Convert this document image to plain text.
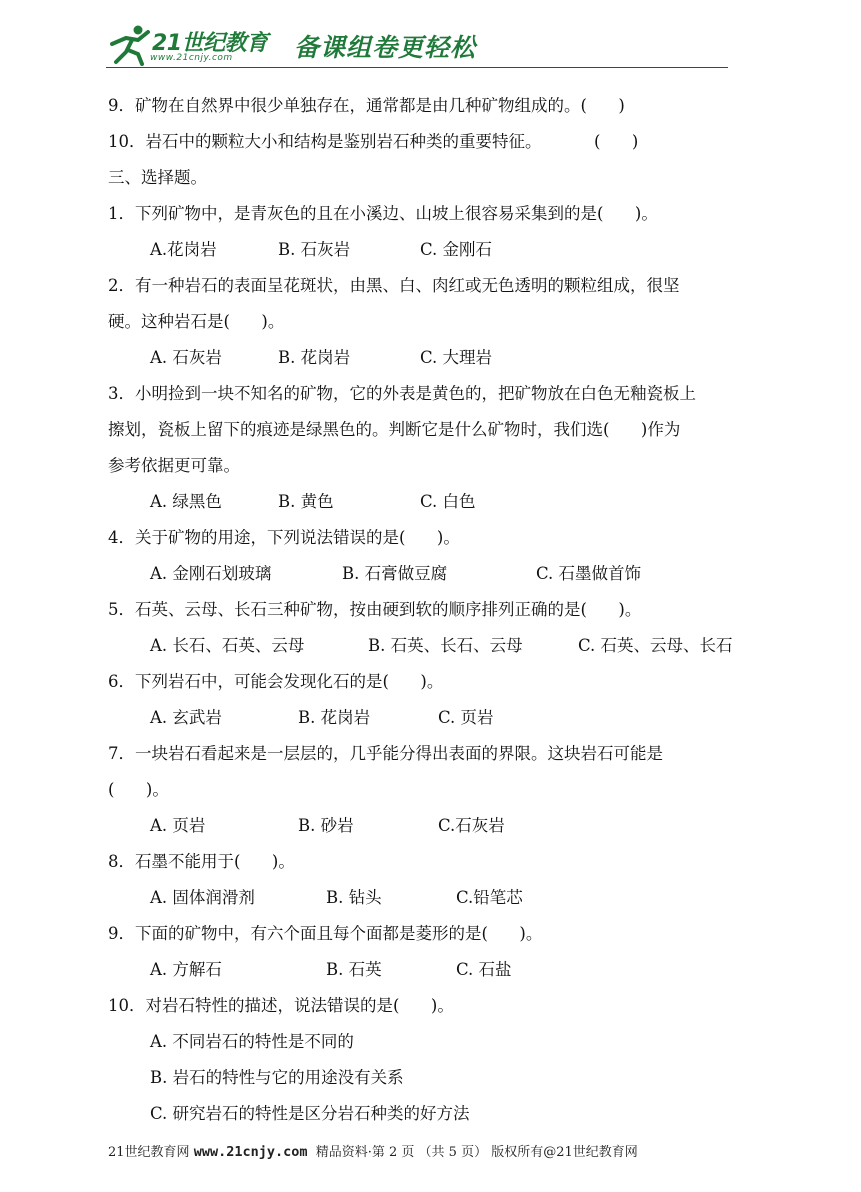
21世纪教育
www.21cnjy.com 备课组卷更轻松
9．矿物在自然界中很少单独存在，通常都是由几种矿物组成的。(      )
10．岩石中的颗粒大小和结构是鉴别岩石种类的重要特征。          (      )
三、选择题。
1．下列矿物中，是青灰色的且在小溪边、山坡上很容易采集到的是(      )。
A.花岗岩	B. 石灰岩	C. 金刚石
2．有一种岩石的表面呈花斑状，由黑、白、肉红或无色透明的颗粒组成，很坚
硬。这种岩石是(      )。
A. 石灰岩	B. 花岗岩	C. 大理岩
3．小明捡到一块不知名的矿物，它的外表是黄色的，把矿物放在白色无釉瓷板上
擦划，瓷板上留下的痕迹是绿黑色的。判断它是什么矿物时，我们选(      )作为
参考依据更可靠。
A. 绿黑色	B. 黄色	C. 白色
4．关于矿物的用途，下列说法错误的是(      )。
A. 金刚石划玻璃	B. 石膏做豆腐	C. 石墨做首饰
5．石英、云母、长石三种矿物，按由硬到软的顺序排列正确的是(      )。
A. 长石、石英、云母	B. 石英、长石、云母	C. 石英、云母、长石
6．下列岩石中，可能会发现化石的是(      )。
A. 玄武岩	B. 花岗岩	C. 页岩
7．一块岩石看起来是一层层的，几乎能分得出表面的界限。这块岩石可能是
(      )。
A. 页岩	B. 砂岩	C.石灰岩
8．石墨不能用于(      )。
A. 固体润滑剂	B. 钻头	C.铅笔芯
9．下面的矿物中，有六个面且每个面都是菱形的是(      )。
A. 方解石	B. 石英	C. 石盐
10．对岩石特性的描述，说法错误的是(      )。
A. 不同岩石的特性是不同的
B. 岩石的特性与它的用途没有关系
C. 研究岩石的特性是区分岩石种类的好方法
21世纪教育网 www.21cnjy.com  精品资料·第 2 页 （共 5 页） 版权所有@21世纪教育网
